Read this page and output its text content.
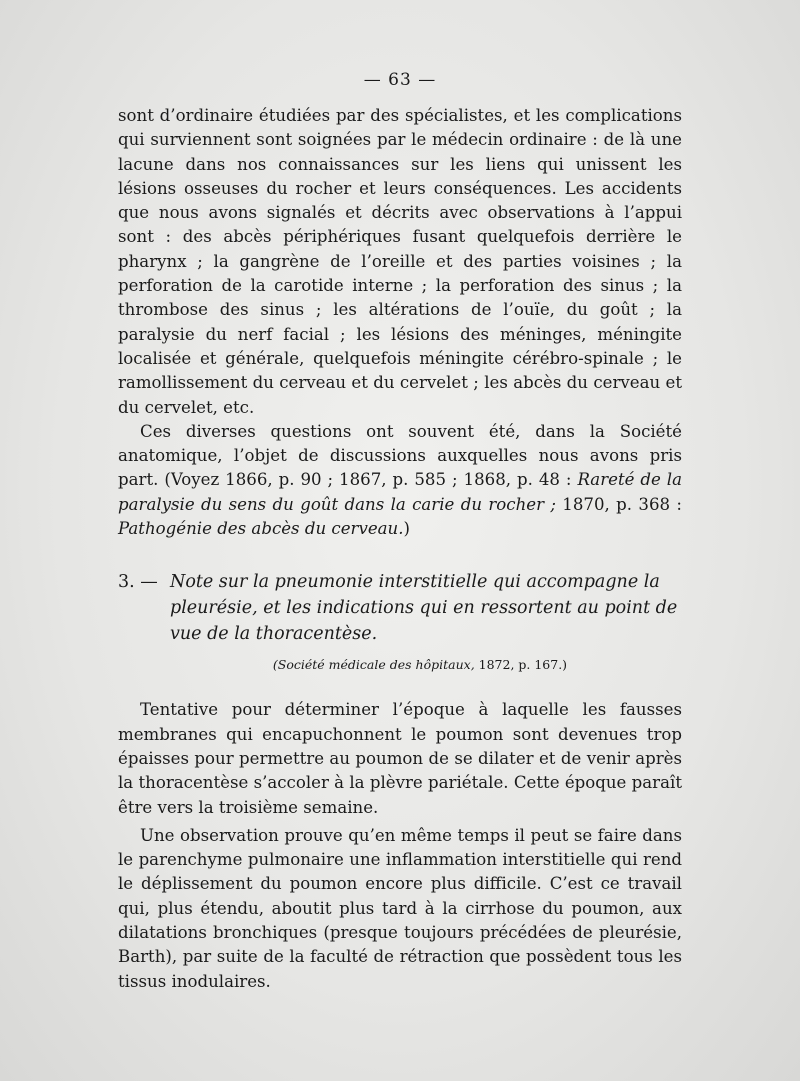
— 63 —

sont d’ordinaire étudiées par des spécialistes, et les complications qui surviennent sont soignées par le médecin ordinaire : de là une lacune dans nos connaissances sur les liens qui unissent les lésions osseuses du rocher et leurs conséquences. Les accidents que nous avons signalés et décrits avec observations à l’appui sont : des abcès périphériques fusant quelquefois derrière le pharynx ; la gangrène de l’oreille et des parties voisines ; la perforation de la carotide interne ; la perforation des sinus ; la thrombose des sinus ; les altérations de l’ouïe, du goût ; la paralysie du nerf facial ; les lésions des méninges, méningite localisée et générale, quelquefois méningite cérébro-spinale ; le ramollissement du cerveau et du cervelet ; les abcès du cerveau et du cervelet, etc.

Ces diverses questions ont souvent été, dans la Société anatomique, l’objet de discussions auxquelles nous avons pris part. (Voyez 1866, p. 90 ; 1867, p. 585 ; 1868, p. 48 : Rareté de la paralysie du sens du goût dans la carie du rocher ; 1870, p. 368 : Pathogénie des abcès du cerveau.)

3. — Note sur la pneumonie interstitielle qui accompagne la pleurésie, et les indications qui en ressortent au point de vue de la thoracentèse.
(Société médicale des hôpitaux, 1872, p. 167.)

Tentative pour déterminer l’époque à laquelle les fausses membranes qui encapuchonnent le poumon sont devenues trop épaisses pour permettre au poumon de se dilater et de venir après la thoracentèse s’accoler à la plèvre pariétale. Cette époque paraît être vers la troisième semaine.

Une observation prouve qu’en même temps il peut se faire dans le parenchyme pulmonaire une inflammation interstitielle qui rend le déplissement du poumon encore plus difficile. C’est ce travail qui, plus étendu, aboutit plus tard à la cirrhose du poumon, aux dilatations bronchiques (presque toujours précédées de pleurésie, Barth), par suite de la faculté de rétraction que possèdent tous les tissus inodulaires.
